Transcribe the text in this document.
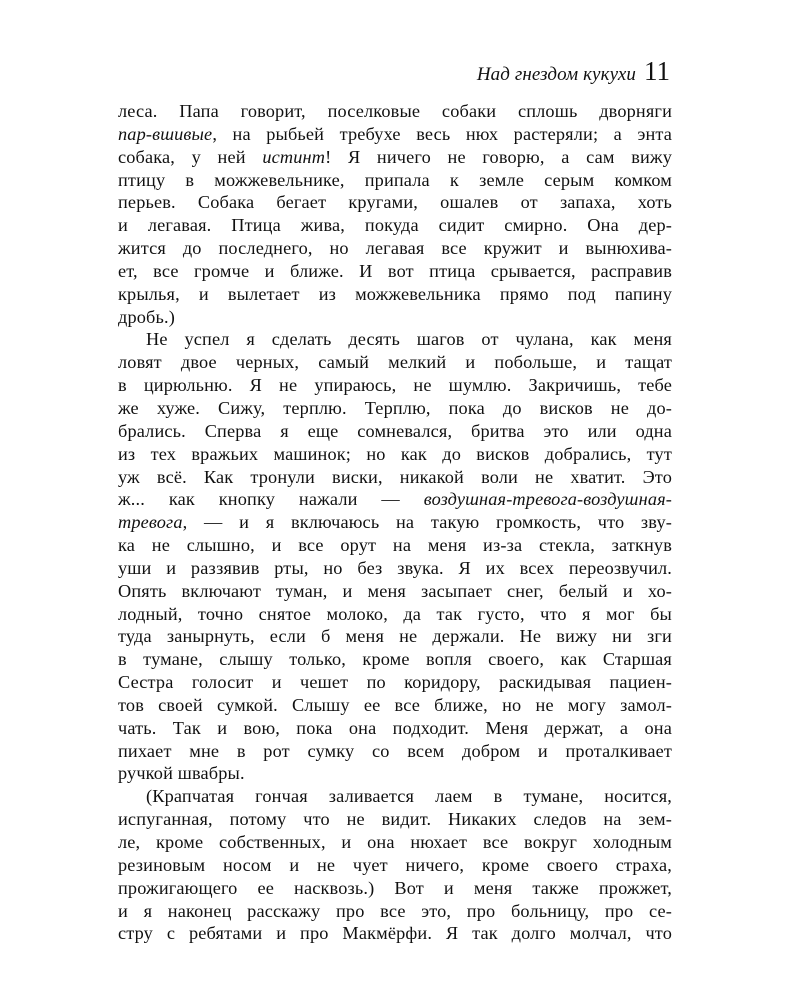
Над гнездом кукухи 11
леса. Папа говорит, поселковые собаки сплошь дворняги
пар-вшивые, на рыбьей требухе весь нюх растеряли; а энта
собака, у ней истинт! Я ничего не говорю, а сам вижу
птицу в можжевельнике, припала к земле серым комком
перьев. Собака бегает кругами, ошалев от запаха, хоть
и легавая. Птица жива, покуда сидит смирно. Она дер-
жится до последнего, но легавая все кружит и вынюхива-
ет, все громче и ближе. И вот птица срывается, расправив
крылья, и вылетает из можжевельника прямо под папину
дробь.)
Не успел я сделать десять шагов от чулана, как меня
ловят двое черных, самый мелкий и побольше, и тащат
в цирюльню. Я не упираюсь, не шумлю. Закричишь, тебе
же хуже. Сижу, терплю. Терплю, пока до висков не до-
брались. Сперва я еще сомневался, бритва это или одна
из тех вражьих машинок; но как до висков добрались, тут
уж всё. Как тронули виски, никакой воли не хватит. Это
ж... как кнопку нажали — воздушная-тревога-воздушная-
тревога, — и я включаюсь на такую громкость, что зву-
ка не слышно, и все орут на меня из-за стекла, заткнув
уши и раззявив рты, но без звука. Я их всех переозвучил.
Опять включают туман, и меня засыпает снег, белый и хо-
лодный, точно снятое молоко, да так густо, что я мог бы
туда занырнуть, если б меня не держали. Не вижу ни зги
в тумане, слышу только, кроме вопля своего, как Старшая
Сестра голосит и чешет по коридору, раскидывая пациен-
тов своей сумкой. Слышу ее все ближе, но не могу замол-
чать. Так и вою, пока она подходит. Меня держат, а она
пихает мне в рот сумку со всем добром и проталкивает
ручкой швабры.
(Крапчатая гончая заливается лаем в тумане, носится,
испуганная, потому что не видит. Никаких следов на зем-
ле, кроме собственных, и она нюхает все вокруг холодным
резиновым носом и не чует ничего, кроме своего страха,
прожигающего ее насквозь.) Вот и меня также прожжет,
и я наконец расскажу про все это, про больницу, про се-
стру с ребятами и про Макмёрфи. Я так долго молчал, что
